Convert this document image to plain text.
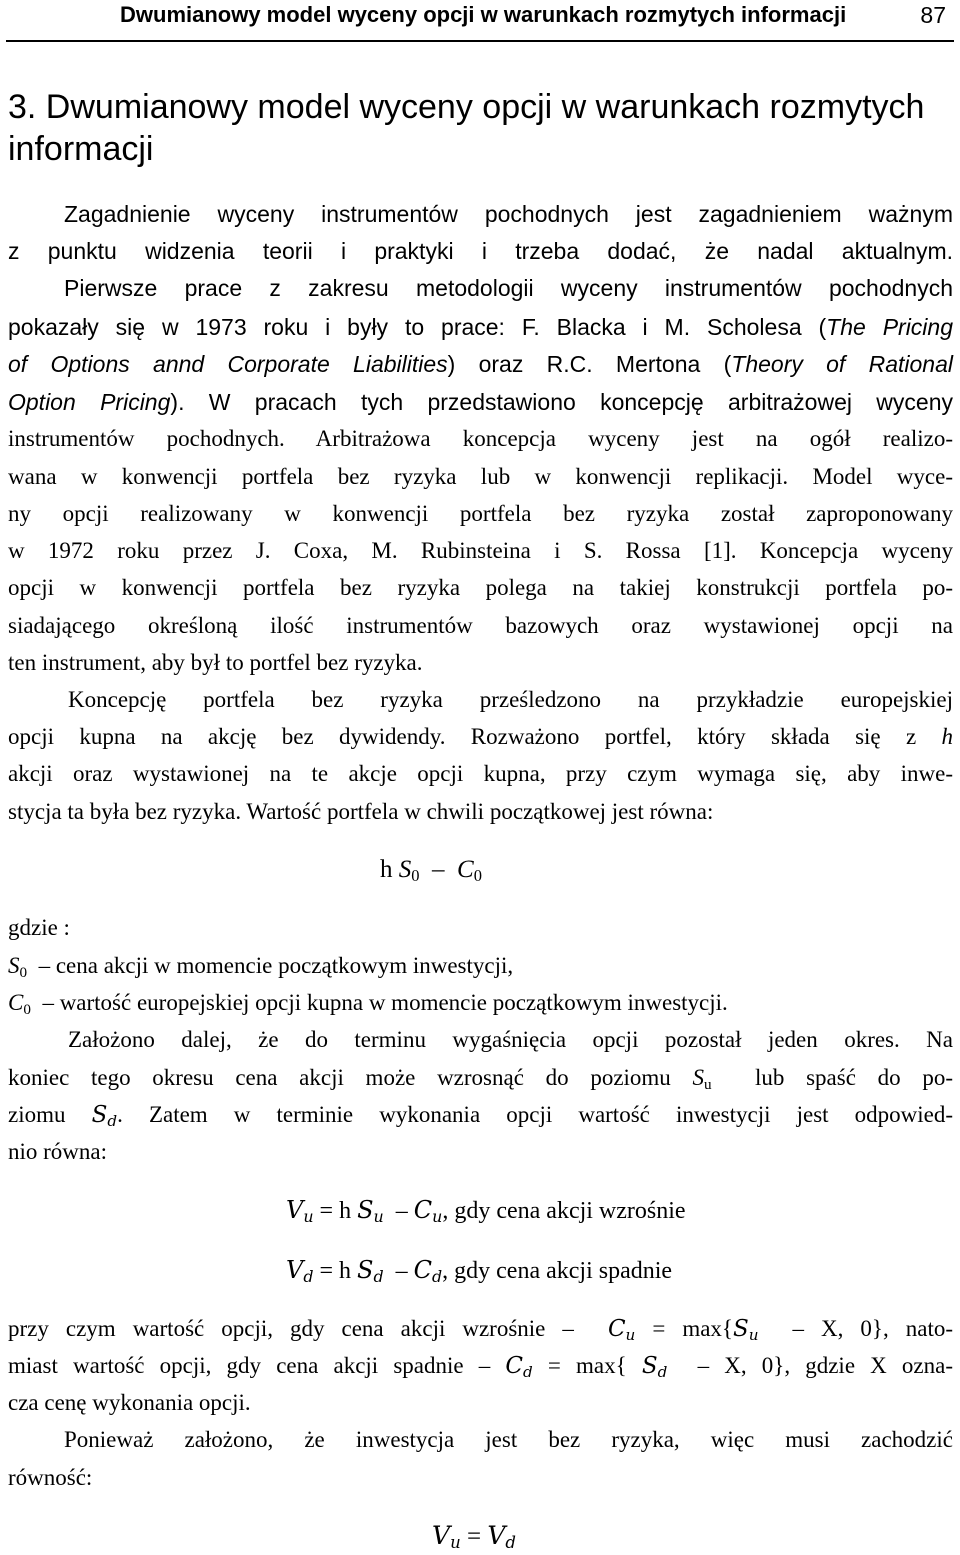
Dwumianowy model wyceny opcji w warunkach rozmytych informacji	87
3. Dwumianowy model wyceny opcji w warunkach rozmytych
informacji
Zagadnienie wyceny instrumentów pochodnych jest zagadnieniem ważnym
z punktu widzenia teorii i praktyki i trzeba dodać, że nadal aktualnym.
Pierwsze prace z zakresu metodologii wyceny instrumentów pochodnych
pokazały się w 1973 roku i były to prace: F. Blacka i M. Scholesa (The Pricing
of Options annd Corporate Liabilities) oraz R.C. Mertona (Theory of Rational
Option Pricing). W pracach tych przedstawiono koncepcję arbitrażowej wyceny
instrumentów pochodnych. Arbitrażowa koncepcja wyceny jest na ogół realizo-
wana w konwencji portfela bez ryzyka lub w konwencji replikacji. Model wyce-
ny opcji realizowany w konwencji portfela bez ryzyka został zaproponowany
w 1972 roku przez J. Coxa, M. Rubinsteina i S. Rossa [1]. Koncepcja wyceny
opcji w konwencji portfela bez ryzyka polega na takiej konstrukcji portfela po-
siadającego określoną ilość instrumentów bazowych oraz wystawionej opcji na
ten instrument, aby był to portfel bez ryzyka.
Koncepcję portfela bez ryzyka prześledzono na przykładzie europejskiej
opcji kupna na akcję bez dywidendy. Rozważono portfel, który składa się z h
akcji oraz wystawionej na te akcje opcji kupna, przy czym wymaga się, aby inwe-
stycja ta była bez ryzyka. Wartość portfela w chwili początkowej jest równa:
h $S_0 - C_0$
gdzie :
$S_0$ – cena akcji w momencie początkowym inwestycji,
$C_0$ – wartość europejskiej opcji kupna w momencie początkowym inwestycji.
Założono dalej, że do terminu wygaśnięcia opcji pozostał jeden okres. Na
koniec tego okresu cena akcji może wzrosnąć do poziomu $S_u$ lub spaść do po-
ziomu $S_d$. Zatem w terminie wykonania opcji wartość inwestycji jest odpowied-
nio równa:
$V_u = h$ $S_u - C_u$, gdy cena akcji wzrośnie
$V_d = h$ $S_d - C_d$, gdy cena akcji spadnie
przy czym wartość opcji, gdy cena akcji wzrośnie – $C_u = \max\{S_u - X$, 0}, nato-
miast wartość opcji, gdy cena akcji spadnie – $C_d = \max${ $S_d$ – X, 0}, gdzie X ozna-
cza cenę wykonania opcji.
Ponieważ założono, że inwestycja jest bez ryzyka, więc musi zachodzić
równość:
$V_u = V_d$
